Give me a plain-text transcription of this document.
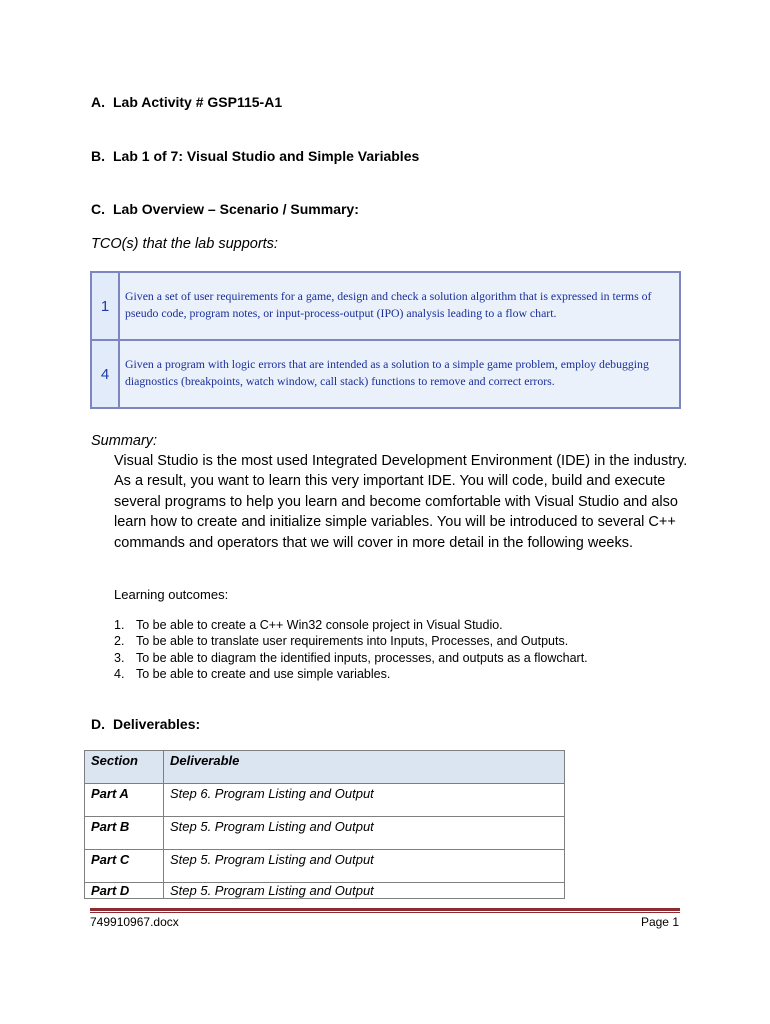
A. Lab Activity # GSP115-A1
B. Lab 1 of 7: Visual Studio and Simple Variables
C. Lab Overview – Scenario / Summary:
TCO(s) that the lab supports:
1	Given a set of user requirements for a game, design and check a solution algorithm that is expressed in terms of pseudo code, program notes, or input-process-output (IPO) analysis leading to a flow chart.
4	Given a program with logic errors that are intended as a solution to a simple game problem, employ debugging diagnostics (breakpoints, watch window, call stack) functions to remove and correct errors.
Summary:
Visual Studio is the most used Integrated Development Environment (IDE) in the industry. As a result, you want to learn this very important IDE. You will code, build and execute several programs to help you learn and become comfortable with Visual Studio and also learn how to create and initialize simple variables. You will be introduced to several C++ commands and operators that we will cover in more detail in the following weeks.
Learning outcomes:
1. To be able to create a C++ Win32 console project in Visual Studio.
2. To be able to translate user requirements into Inputs, Processes, and Outputs.
3. To be able to diagram the identified inputs, processes, and outputs as a flowchart.
4. To be able to create and use simple variables.
D. Deliverables:
Section	Deliverable
Part A	Step 6. Program Listing and Output
Part B	Step 5. Program Listing and Output
Part C	Step 5. Program Listing and Output
Part D	Step 5. Program Listing and Output
749910967.docx	Page 1
